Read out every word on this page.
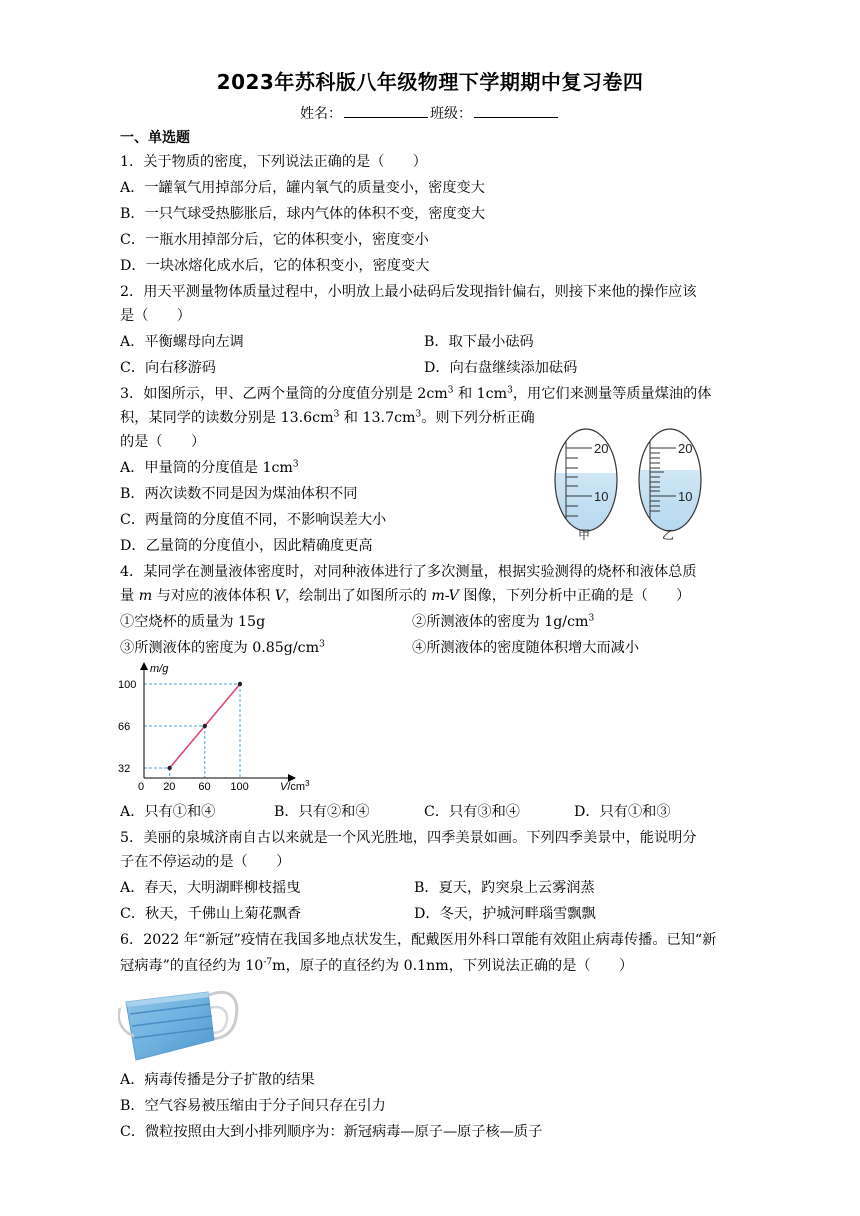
2023年苏科版八年级物理下学期期中复习卷四
姓名：	班级：
一、单选题
1．关于物质的密度，下列说法正确的是（　　）
A．一罐氧气用掉部分后，罐内氧气的质量变小，密度变大
B．一只气球受热膨胀后，球内气体的体积不变，密度变大
C．一瓶水用掉部分后，它的体积变小，密度变小
D．一块冰熔化成水后，它的体积变小，密度变大
2．用天平测量物体质量过程中，小明放上最小砝码后发现指针偏右，则接下来他的操作应该
是（　　）
A．平衡螺母向左调	B．取下最小砝码
C．向右移游码	D．向右盘继续添加砝码
3．如图所示，甲、乙两个量筒的分度值分别是 $2cm^3$ 和 $1cm^3$，用它们来测量等质量煤油的体
积，某同学的读数分别是 $13.6cm^3$ 和 $13.7cm^3$。则下列分析正确
的是（　　）
A．甲量筒的分度值是 $1cm^3$
B．两次读数不同是因为煤油体积不同
C．两量筒的分度值不同，不影响误差大小
D．乙量筒的分度值小，因此精确度更高
20
10
20
10
甲	乙
4．某同学在测量液体密度时，对同种液体进行了多次测量，根据实验测得的烧杯和液体总质
量 m 与对应的液体体积 V，绘制出了如图所示的 m-V 图像，下列分析中正确的是（　　）
①空烧杯的质量为 15g	②所测液体的密度为 $1g/cm^3$
③所测液体的密度为 $0.85g/cm^3$	④所测液体的密度随体积增大而减小
m/g
$V/cm^3$
0 20 60 100
32
66
100
A．只有①和④	B．只有②和④	C．只有③和④	D．只有①和③
5．美丽的泉城济南自古以来就是一个风光胜地，四季美景如画。下列四季美景中，能说明分
子在不停运动的是（　　）
A．春天，大明湖畔柳枝摇曳	B．夏天，趵突泉上云雾润蒸
C．秋天，千佛山上菊花飘香	D．冬天，护城河畔瑙雪飘飘
6．2022 年“新冠”疫情在我国多地点状发生，配戴医用外科口罩能有效阻止病毒传播。已知“新
冠病毒”的直径约为 $10^{-7}m$，原子的直径约为 0.1nm，下列说法正确的是（　　）
A．病毒传播是分子扩散的结果
B．空气容易被压缩由于分子间只存在引力
C．微粒按照由大到小排列顺序为：新冠病毒—原子—原子核—质子
